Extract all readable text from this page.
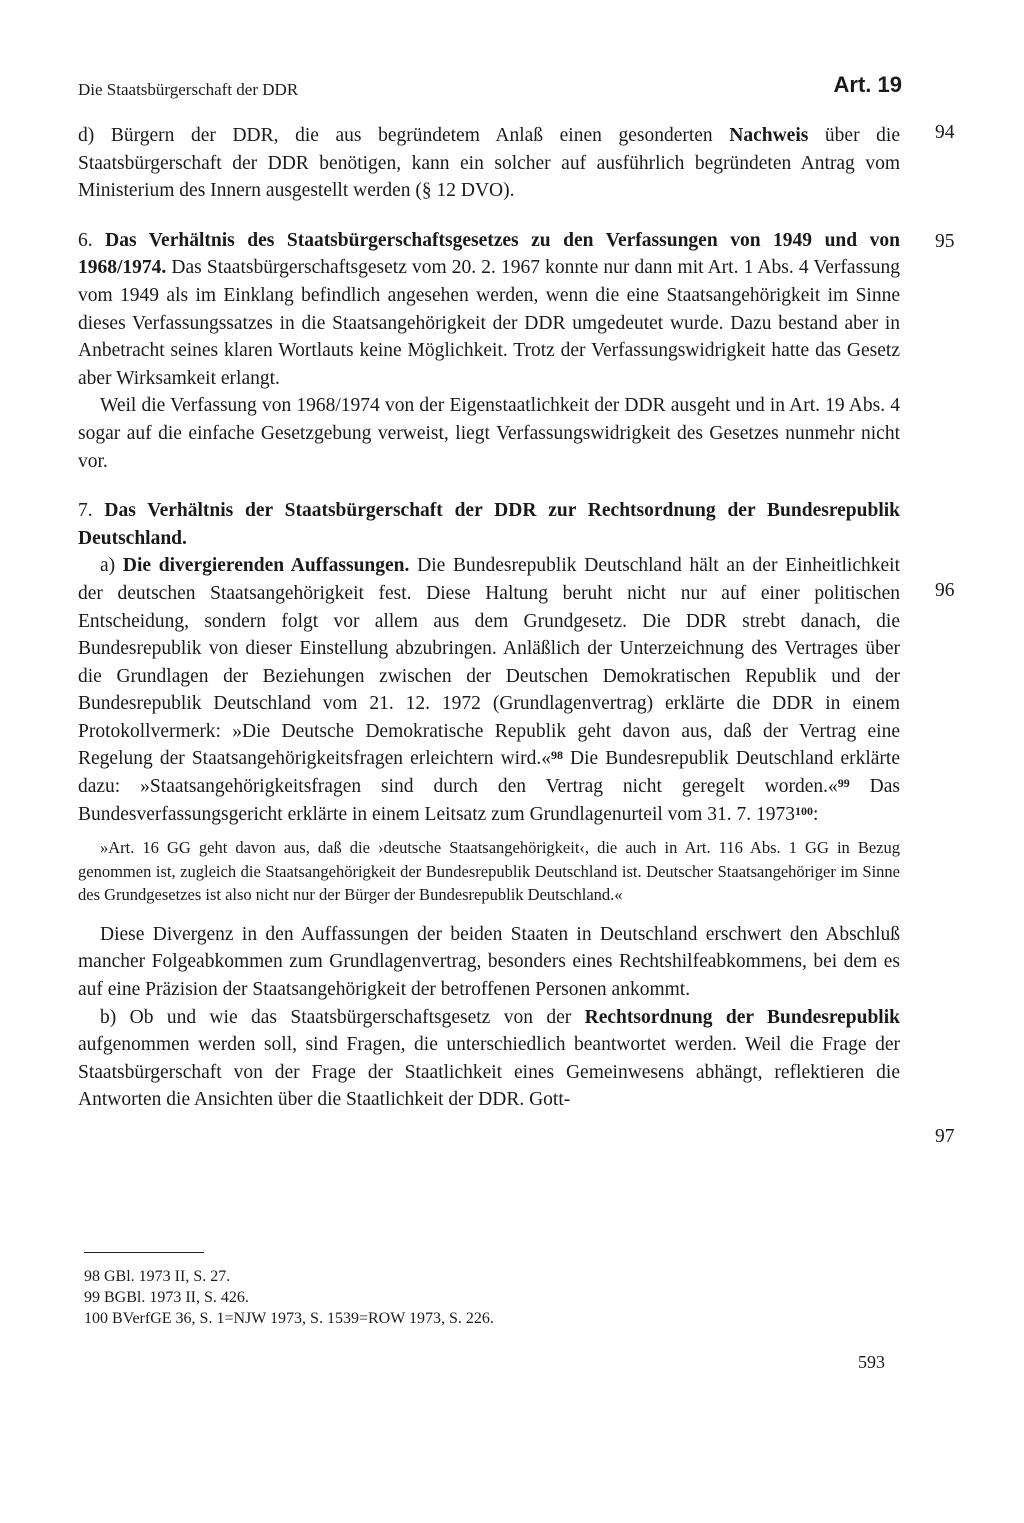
Die Staatsbürgerschaft der DDR	Art. 19
94
95
96
97

d) Bürgern der DDR, die aus begründetem Anlaß einen gesonderten Nachweis über die Staatsbürgerschaft der DDR benötigen, kann ein solcher auf ausführlich begründeten Antrag vom Ministerium des Innern ausgestellt werden (§ 12 DVO).

6. Das Verhältnis des Staatsbürgerschaftsgesetzes zu den Verfassungen von 1949 und von 1968/1974. Das Staatsbürgerschaftsgesetz vom 20. 2. 1967 konnte nur dann mit Art. 1 Abs. 4 Verfassung vom 1949 als im Einklang befindlich angesehen werden, wenn die eine Staatsangehörigkeit im Sinne dieses Verfassungssatzes in die Staatsangehörigkeit der DDR umgedeutet wurde. Dazu bestand aber in Anbetracht seines klaren Wortlauts keine Möglichkeit. Trotz der Verfassungswidrigkeit hatte das Gesetz aber Wirksamkeit erlangt.

Weil die Verfassung von 1968/1974 von der Eigenstaatlichkeit der DDR ausgeht und in Art. 19 Abs. 4 sogar auf die einfache Gesetzgebung verweist, liegt Verfassungswidrigkeit des Gesetzes nunmehr nicht vor.

7. Das Verhältnis der Staatsbürgerschaft der DDR zur Rechtsordnung der Bundesrepublik Deutschland.

a) Die divergierenden Auffassungen. Die Bundesrepublik Deutschland hält an der Einheitlichkeit der deutschen Staatsangehörigkeit fest. Diese Haltung beruht nicht nur auf einer politischen Entscheidung, sondern folgt vor allem aus dem Grundgesetz. Die DDR strebt danach, die Bundesrepublik von dieser Einstellung abzubringen. Anläßlich der Unterzeichnung des Vertrages über die Grundlagen der Beziehungen zwischen der Deutschen Demokratischen Republik und der Bundesrepublik Deutschland vom 21. 12. 1972 (Grundlagenvertrag) erklärte die DDR in einem Protokollvermerk: »Die Deutsche Demokratische Republik geht davon aus, daß der Vertrag eine Regelung der Staatsangehörigkeitsfragen erleichtern wird.«$^{98}$ Die Bundesrepublik Deutschland erklärte dazu: »Staatsangehörigkeitsfragen sind durch den Vertrag nicht geregelt worden.«$^{99}$ Das Bundesverfassungsgericht erklärte in einem Leitsatz zum Grundlagenurteil vom 31. 7. 1973$^{100}$:

»Art. 16 GG geht davon aus, daß die ›deutsche Staatsangehörigkeit‹, die auch in Art. 116 Abs. 1 GG in Bezug genommen ist, zugleich die Staatsangehörigkeit der Bundesrepublik Deutschland ist. Deutscher Staatsangehöriger im Sinne des Grundgesetzes ist also nicht nur der Bürger der Bundesrepublik Deutschland.«

Diese Divergenz in den Auffassungen der beiden Staaten in Deutschland erschwert den Abschluß mancher Folgeabkommen zum Grundlagenvertrag, besonders eines Rechtshilfeabkommens, bei dem es auf eine Präzision der Staatsangehörigkeit der betroffenen Personen ankommt.

b) Ob und wie das Staatsbürgerschaftsgesetz von der Rechtsordnung der Bundesrepublik aufgenommen werden soll, sind Fragen, die unterschiedlich beantwortet werden. Weil die Frage der Staatsbürgerschaft von der Frage der Staatlichkeit eines Gemeinwesens abhängt, reflektieren die Antworten die Ansichten über die Staatlichkeit der DDR. Gott-

98 GBl. 1973 II, S. 27.
99 BGBl. 1973 II, S. 426.
100 BVerfGE 36, S. 1=NJW 1973, S. 1539=ROW 1973, S. 226.
593
